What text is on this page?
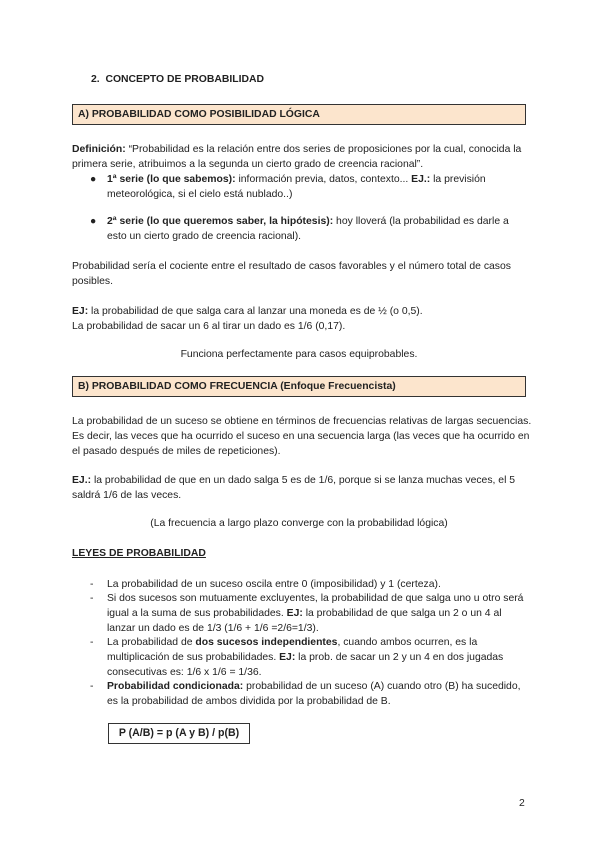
2.  CONCEPTO DE PROBABILIDAD
A) PROBABILIDAD COMO POSIBILIDAD LÓGICA
Definición: “Probabilidad es la relación entre dos series de proposiciones por la cual, conocida la primera serie, atribuimos a la segunda un cierto grado de creencia racional”.
● 1ª serie (lo que sabemos): información previa, datos, contexto... EJ.: la previsión meteorológica, si el cielo está nublado..)
● 2ª serie (lo que queremos saber, la hipótesis): hoy lloverá (la probabilidad es darle a esto un cierto grado de creencia racional).
Probabilidad sería el cociente entre el resultado de casos favorables y el número total de casos posibles.
EJ: la probabilidad de que salga cara al lanzar una moneda es de ½ (o 0,5).
La probabilidad de sacar un 6 al tirar un dado es 1/6 (0,17).
Funciona perfectamente para casos equiprobables.
B) PROBABILIDAD COMO FRECUENCIA (Enfoque Frecuencista)
La probabilidad de un suceso se obtiene en términos de frecuencias relativas de largas secuencias. Es decir, las veces que ha ocurrido el suceso en una secuencia larga (las veces que ha ocurrido en el pasado después de miles de repeticiones).
EJ.: la probabilidad de que en un dado salga 5 es de 1/6, porque si se lanza muchas veces, el 5 saldrá 1/6 de las veces.
(La frecuencia a largo plazo converge con la probabilidad lógica)
LEYES DE PROBABILIDAD
- La probabilidad de un suceso oscila entre 0 (imposibilidad) y 1 (certeza).
- Si dos sucesos son mutuamente excluyentes, la probabilidad de que salga uno u otro será igual a la suma de sus probabilidades. EJ: la probabilidad de que salga un 2 o un 4 al lanzar un dado es de 1/3 (1/6 + 1/6 =2/6=1/3).
- La probabilidad de dos sucesos independientes, cuando ambos ocurren, es la multiplicación de sus probabilidades. EJ: la prob. de sacar un 2 y un 4 en dos jugadas consecutivas es: 1/6 x 1/6 = 1/36.
- Probabilidad condicionada: probabilidad de un suceso (A) cuando otro (B) ha sucedido, es la probabilidad de ambos dividida por la probabilidad de B.
P (A/B) = p (A y B) / p(B)
2
